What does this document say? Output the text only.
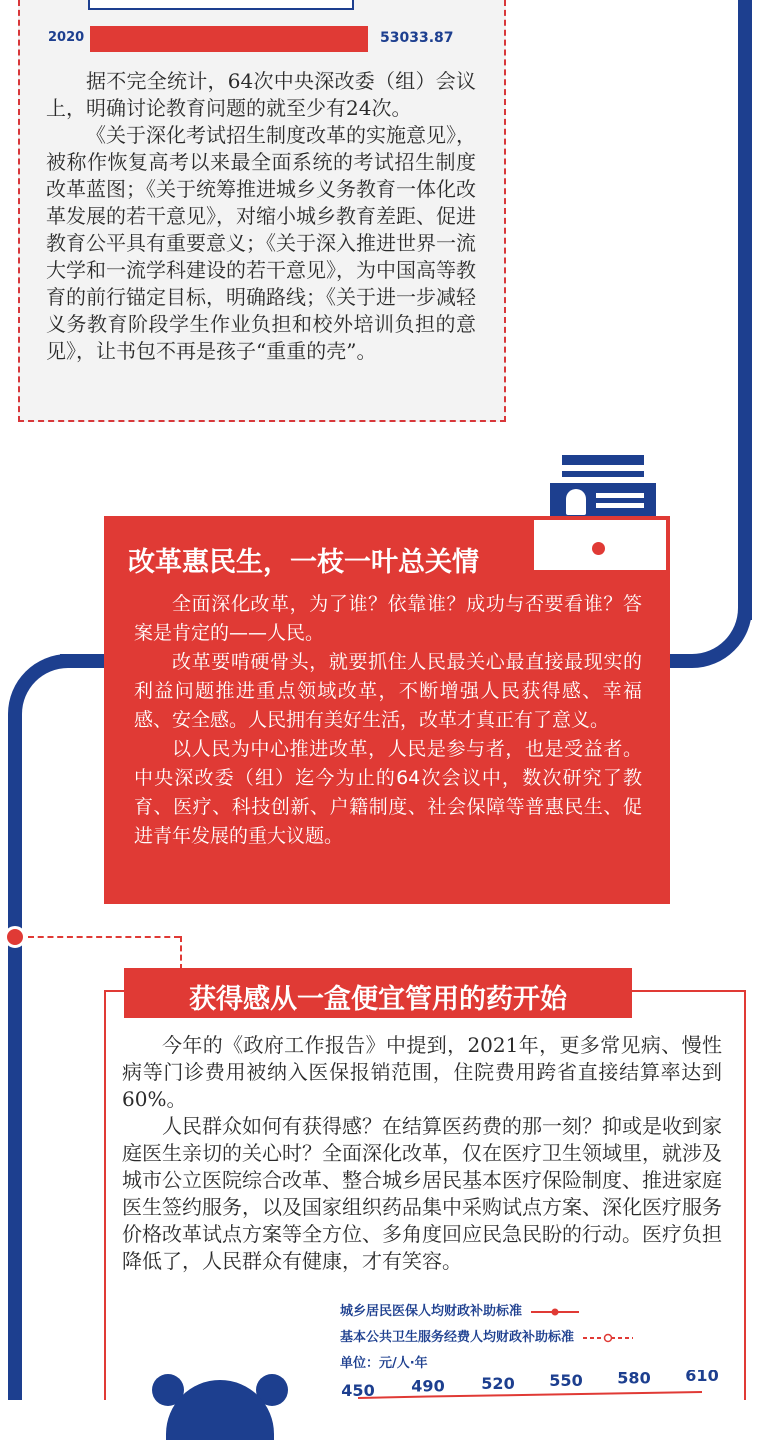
2020	53033.87

据不完全统计，64次中央深改委（组）会议上，明确讨论教育问题的就至少有24次。

《关于深化考试招生制度改革的实施意见》，被称作恢复高考以来最全面系统的考试招生制度改革蓝图；《关于统筹推进城乡义务教育一体化改革发展的若干意见》，对缩小城乡教育差距、促进教育公平具有重要意义；《关于深入推进世界一流大学和一流学科建设的若干意见》，为中国高等教育的前行锚定目标，明确路线；《关于进一步减轻义务教育阶段学生作业负担和校外培训负担的意见》，让书包不再是孩子“重重的壳”。

改革惠民生，一枝一叶总关情

全面深化改革，为了谁？依靠谁？成功与否要看谁？答案是肯定的——人民。

改革要啃硬骨头，就要抓住人民最关心最直接最现实的利益问题推进重点领域改革，不断增强人民获得感、幸福感、安全感。人民拥有美好生活，改革才真正有了意义。

以人民为中心推进改革，人民是参与者，也是受益者。中央深改委（组）迄今为止的64次会议中，数次研究了教育、医疗、科技创新、户籍制度、社会保障等普惠民生、促进青年发展的重大议题。

获得感从一盒便宜管用的药开始

今年的《政府工作报告》中提到，2021年，更多常见病、慢性病等门诊费用被纳入医保报销范围，住院费用跨省直接结算率达到60%。

人民群众如何有获得感？在结算医药费的那一刻？抑或是收到家庭医生亲切的关心时？全面深化改革，仅在医疗卫生领域里，就涉及城市公立医院综合改革、整合城乡居民基本医疗保险制度、推进家庭医生签约服务，以及国家组织药品集中采购试点方案、深化医疗服务价格改革试点方案等全方位、多角度回应民急民盼的行动。医疗负担降低了，人民群众有健康，才有笑容。

城乡居民医保人均财政补助标准
基本公共卫生服务经费人均财政补助标准
单位：元/人·年
450 490 520 550 580 610
